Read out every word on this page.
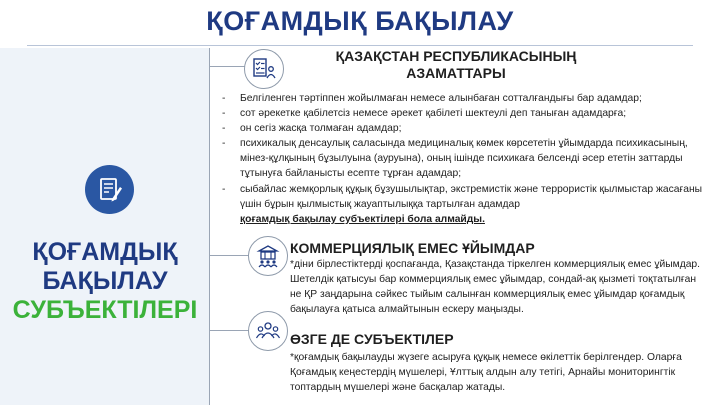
ҚОҒАМДЫҚ БАҚЫЛАУ
ҚОҒАМДЫҚ
БАҚЫЛАУ
СУБЪЕКТІЛЕРІ
ҚАЗАҚСТАН РЕСПУБЛИКАСЫНЫҢ
АЗАМАТТАРЫ
- Белгіленген тәртіппен жойылмаған немесе алынбаған сотталғандығы бар адамдар;
- сот әрекетке қабілетсіз немесе әрекет қабілеті шектеулі деп таныған адамдарға;
- он сегіз жасқа толмаған адамдар;
- психикалық денсаулық саласында медициналық көмек көрсететін ұйымдарда психикасының, мінез-құлқының бұзылуына (ауруына), оның ішінде психикаға белсенді әсер ететін заттарды тұтынуға байланысты есепте тұрған адамдар;
- сыбайлас жемқорлық құқық бұзушылықтар, экстремистік және террористік қылмыстар жасағаны үшін бұрын қылмыстық жауаптылыққа тартылған адамдар
қоғамдық бақылау субъектілері бола алмайды.
КОММЕРЦИЯЛЫҚ ЕМЕС ҰЙЫМДАР
*діни бірлестіктерді қоспағанда, Қазақстанда тіркелген коммерциялық емес ұйымдар. Шетелдік қатысуы бар коммерциялық емес ұйымдар, сондай-ақ қызметі тоқтатылған не ҚР заңдарына сәйкес тыйым салынған коммерциялық емес ұйымдар қоғамдық бақылауға қатыса алмайтынын ескеру маңызды.
ӨЗГЕ ДЕ СУБЪЕКТІЛЕР
*қоғамдық бақылауды жүзеге асыруға құқық немесе өкілеттік берілгендер. Оларға Қоғамдық кеңестердің мүшелері, Ұлттық алдын алу тетігі, Арнайы мониторингтік топтардың мүшелері және басқалар жатады.
